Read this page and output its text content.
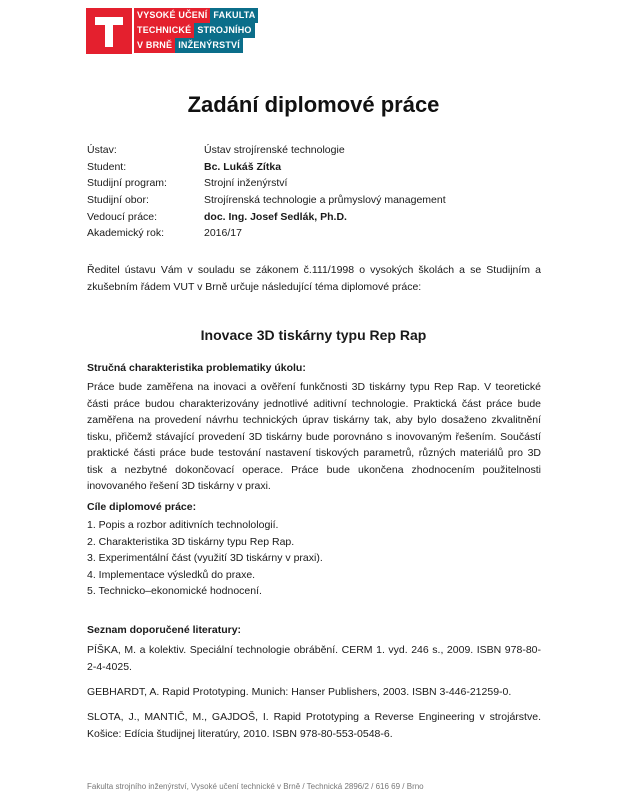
VYSOKÉ UČENÍ FAKULTA
TECHNICKÉ STROJNÍHO
V BRNĚ INŽENÝRSTVÍ
Zadání diplomové práce
Ústav:	Ústav strojírenské technologie
Student:	Bc. Lukáš Zítka
Studijní program:	Strojní inženýrství
Studijní obor:	Strojírenská technologie a průmyslový management
Vedoucí práce:	doc. Ing. Josef Sedlák, Ph.D.
Akademický rok:	2016/17
Ředitel ústavu Vám v souladu se zákonem č.111/1998 o vysokých školách a se Studijním a zkušebním řádem VUT v Brně určuje následující téma diplomové práce:
Inovace 3D tiskárny typu Rep Rap
Stručná charakteristika problematiky úkolu:
Práce bude zaměřena na inovaci a ověření funkčnosti 3D tiskárny typu Rep Rap. V teoretické části práce budou charakterizovány jednotlivé aditivní technologie. Praktická část práce bude zaměřena na provedení návrhu technických úprav tiskárny tak, aby bylo dosaženo zkvalitnění tisku, přičemž stávající provedení 3D tiskárny bude porovnáno s inovovaným řešením. Součástí praktické části práce bude testování nastavení tiskových parametrů, různých materiálů pro 3D tisk a nezbytné dokončovací operace. Práce bude ukončena zhodnocením použitelnosti inovovaného řešení 3D tiskárny v praxi.
Cíle diplomové práce:
1. Popis a rozbor aditivních technolologií.
2. Charakteristika 3D tiskárny typu Rep Rap.
3. Experimentální část (využití 3D tiskárny v praxi).
4. Implementace výsledků do praxe.
5. Technicko–ekonomické hodnocení.
Seznam doporučené literatury:
PÍŠKA, M. a kolektiv. Speciální technologie obrábění. CERM 1. vyd. 246 s., 2009. ISBN 978-80-2-4-4025.
GEBHARDT, A. Rapid Prototyping. Munich: Hanser Publishers, 2003. ISBN 3-446-21259-0.
SLOTA, J., MANTIČ, M., GAJDOŠ, I. Rapid Prototyping a Reverse Engineering v strojárstve. Košice: Edícia študijnej literatúry, 2010. ISBN 978-80-553-0548-6.
Fakulta strojního inženýrství, Vysoké učení technické v Brně / Technická 2896/2 / 616 69 / Brno
